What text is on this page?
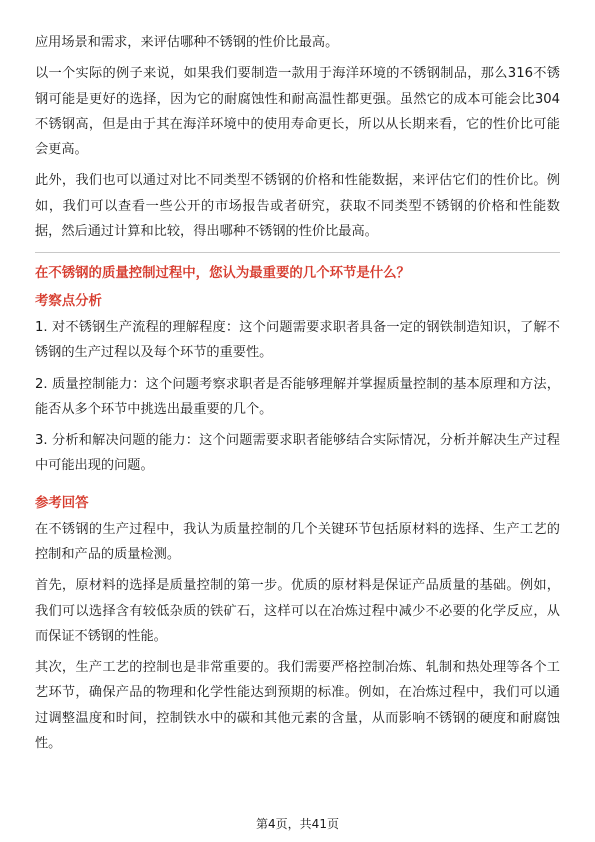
应用场景和需求，来评估哪种不锈钢的性价比最高。

以一个实际的例子来说，如果我们要制造一款用于海洋环境的不锈钢制品，那么316不锈钢可能是更好的选择，因为它的耐腐蚀性和耐高温性都更强。虽然它的成本可能会比304不锈钢高，但是由于其在海洋环境中的使用寿命更长，所以从长期来看，它的性价比可能会更高。

此外，我们也可以通过对比不同类型不锈钢的价格和性能数据，来评估它们的性价比。例如，我们可以查看一些公开的市场报告或者研究，获取不同类型不锈钢的价格和性能数据，然后通过计算和比较，得出哪种不锈钢的性价比最高。

在不锈钢的质量控制过程中，您认为最重要的几个环节是什么？
考察点分析

1. 对不锈钢生产流程的理解程度：这个问题需要求职者具备一定的钢铁制造知识，了解不锈钢的生产过程以及每个环节的重要性。

2. 质量控制能力：这个问题考察求职者是否能够理解并掌握质量控制的基本原理和方法，能否从多个环节中挑选出最重要的几个。

3. 分析和解决问题的能力：这个问题需要求职者能够结合实际情况，分析并解决生产过程中可能出现的问题。

参考回答

在不锈钢的生产过程中，我认为质量控制的几个关键环节包括原材料的选择、生产工艺的控制和产品的质量检测。

首先，原材料的选择是质量控制的第一步。优质的原材料是保证产品质量的基础。例如，我们可以选择含有较低杂质的铁矿石，这样可以在冶炼过程中减少不必要的化学反应，从而保证不锈钢的性能。

其次，生产工艺的控制也是非常重要的。我们需要严格控制冶炼、轧制和热处理等各个工艺环节，确保产品的物理和化学性能达到预期的标准。例如，在冶炼过程中，我们可以通过调整温度和时间，控制铁水中的碳和其他元素的含量，从而影响不锈钢的硬度和耐腐蚀性。

第4页，共41页
